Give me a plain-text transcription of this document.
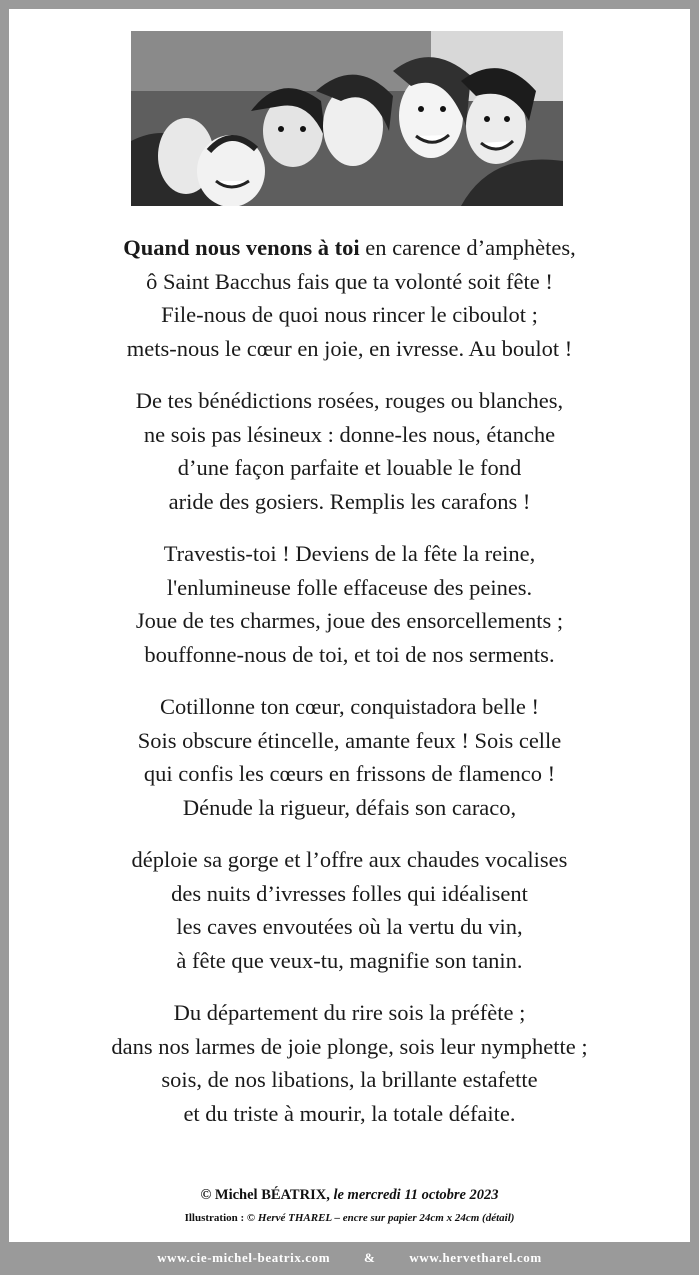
Quand nous venons à toi en carence d’amphètes,
ô Saint Bacchus fais que ta volonté soit fête !
File-nous de quoi nous rincer le ciboulot ;
mets-nous le cœur en joie, en ivresse. Au boulot !
De tes bénédictions rosées, rouges ou blanches,
ne sois pas lésineux : donne-les nous, étanche
d’une façon parfaite et louable le fond
aride des gosiers. Remplis les carafons !
Travestis-toi ! Deviens de la fête la reine,
l'enlumineuse folle effaceuse des peines.
Joue de tes charmes, joue des ensorcellements ;
bouffonne-nous de toi, et toi de nos serments.
Cotillonne ton cœur, conquistadora belle !
Sois obscure étincelle, amante feux ! Sois celle
qui confis les cœurs en frissons de flamenco !
Dénude la rigueur, défais son caraco,
déploie sa gorge et l’offre aux chaudes vocalises
des nuits d’ivresses folles qui idéalisent
les caves envoutées où la vertu du vin,
à fête que veux-tu, magnifie son tanin.
Du département du rire sois la préfète ;
dans nos larmes de joie plonge, sois leur nymphette ;
sois, de nos libations, la brillante estafette
et du triste à mourir, la totale défaite.
© Michel BÉATRIX, le mercredi 11 octobre 2023
Illustration : © Hervé THAREL – encre sur papier 24cm x 24cm (détail)
www.cie-michel-beatrix.com	&	www.hervetharel.com
